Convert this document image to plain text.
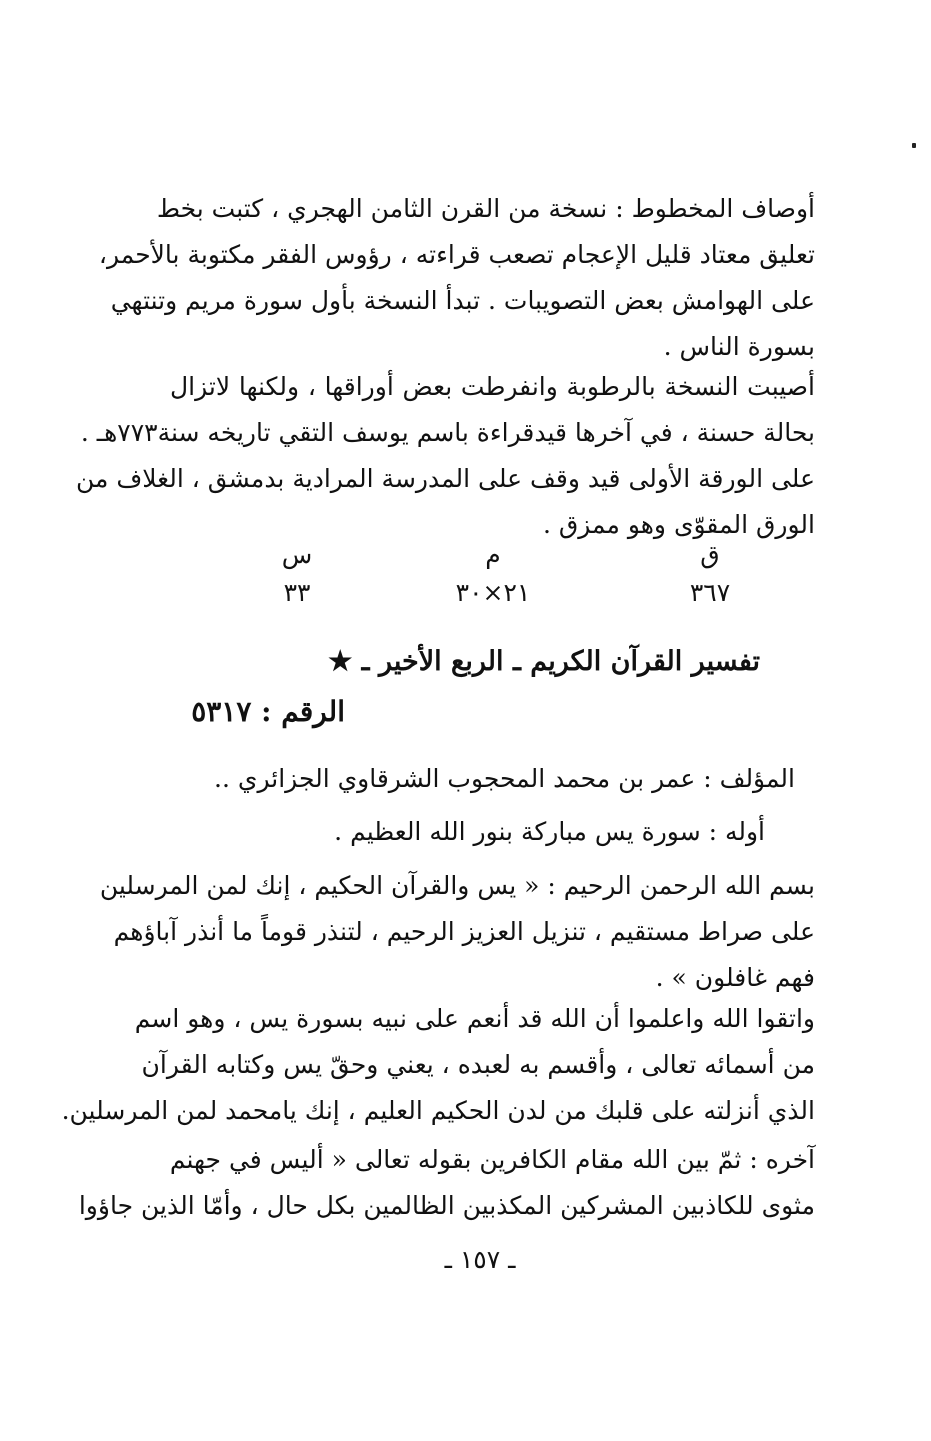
أوصاف المخطوط : نسخة من القرن الثامن الهجري ، كتبت بخط
تعليق معتاد قليل الإعجام تصعب قراءته ، رؤوس الفقر مكتوبة بالأحمر،
على الهوامش بعض التصويبات . تبدأ النسخة بأول سورة مريم وتنتهي
بسورة الناس .
أصيبت النسخة بالرطوبة وانفرطت بعض أوراقها ، ولكنها لاتزال
بحالة حسنة ، في آخرها قيدقراءة باسم يوسف التقي تاريخه سنة٧٧٣هـ .
على الورقة الأولى قيد وقف على المدرسة المرادية بدمشق ، الغلاف من
الورق المقوّى وهو ممزق .
ق
٣٦٧
م
٢١×٣٠
س
٣٣
تفسير القرآن الكريم ـ الربع الأخير ـ ★
الرقم : ٥٣١٧
المؤلف : عمر بن محمد المحجوب الشرقاوي الجزائري ..
أوله : سورة يس مباركة بنور الله العظيم .
بسم الله الرحمن الرحيم : « يس والقرآن الحكيم ، إنك لمن المرسلين
على صراط مستقيم ، تنزيل العزيز الرحيم ، لتنذر قوماً ما أنذر آباؤهم
فهم غافلون » .
واتقوا الله واعلموا أن الله قد أنعم على نبيه بسورة يس ، وهو اسم
من أسمائه تعالى ، وأقسم به لعبده ، يعني وحقّ يس وكتابه القرآن
الذي أنزلته على قلبك من لدن الحكيم العليم ، إنك يامحمد لمن المرسلين.
آخره : ثمّ بين الله مقام الكافرين بقوله تعالى « أليس في جهنم
مثوى للكاذبين المشركين المكذبين الظالمين بكل حال ، وأمّا الذين جاؤوا
ـ ١٥٧ ـ
